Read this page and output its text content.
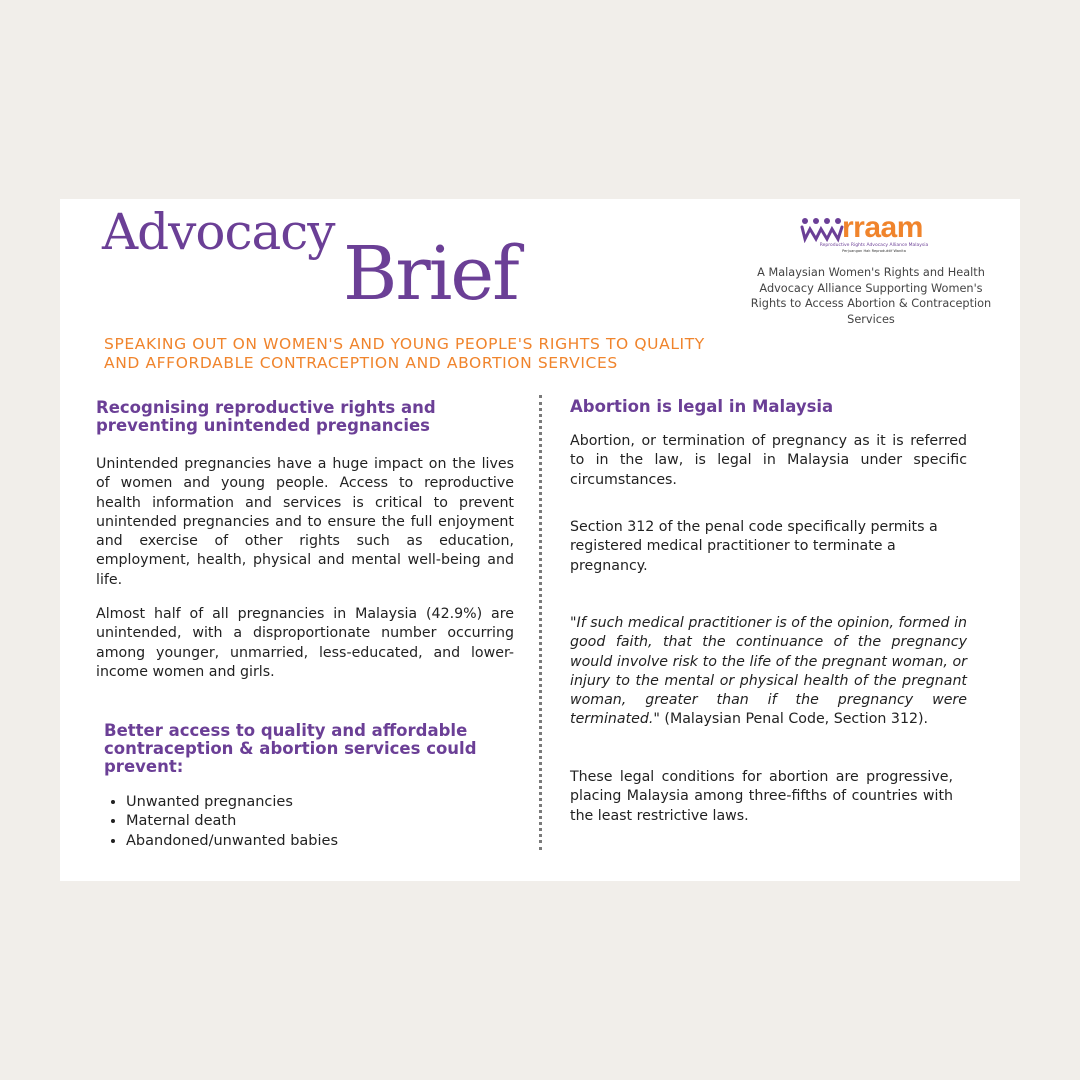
Advocacy Brief
SPEAKING OUT ON WOMEN'S AND YOUNG PEOPLE'S RIGHTS TO QUALITY
AND AFFORDABLE CONTRACEPTION AND ABORTION SERVICES
rraam
Reproductive Rights Advocacy Alliance Malaysia
Perjuangan Hak Reproduktif Wanita
A Malaysian Women's Rights and Health Advocacy Alliance Supporting Women's Rights to Access Abortion & Contraception Services
Recognising reproductive rights and preventing unintended pregnancies

Unintended pregnancies have a huge impact on the lives of women and young people. Access to reproductive health information and services is critical to prevent unintended pregnancies and to ensure the full enjoyment and exercise of other rights such as education, employment, health, physical and mental well-being and life.

Almost half of all pregnancies in Malaysia (42.9%) are unintended, with a disproportionate number occurring among younger, unmarried, less-educated, and lower-income women and girls.

Better access to quality and affordable contraception & abortion services could prevent:
• Unwanted pregnancies
• Maternal death
• Abandoned/unwanted babies
Abortion is legal in Malaysia

Abortion, or termination of pregnancy as it is referred to in the law, is legal in Malaysia under specific circumstances.

Section 312 of the penal code specifically permits a registered medical practitioner to terminate a pregnancy.

"If such medical practitioner is of the opinion, formed in good faith, that the continuance of the pregnancy would involve risk to the life of the pregnant woman, or injury to the mental or physical health of the pregnant woman, greater than if the pregnancy were terminated." (Malaysian Penal Code, Section 312).

These legal conditions for abortion are progressive, placing Malaysia among three-fifths of countries with the least restrictive laws.
